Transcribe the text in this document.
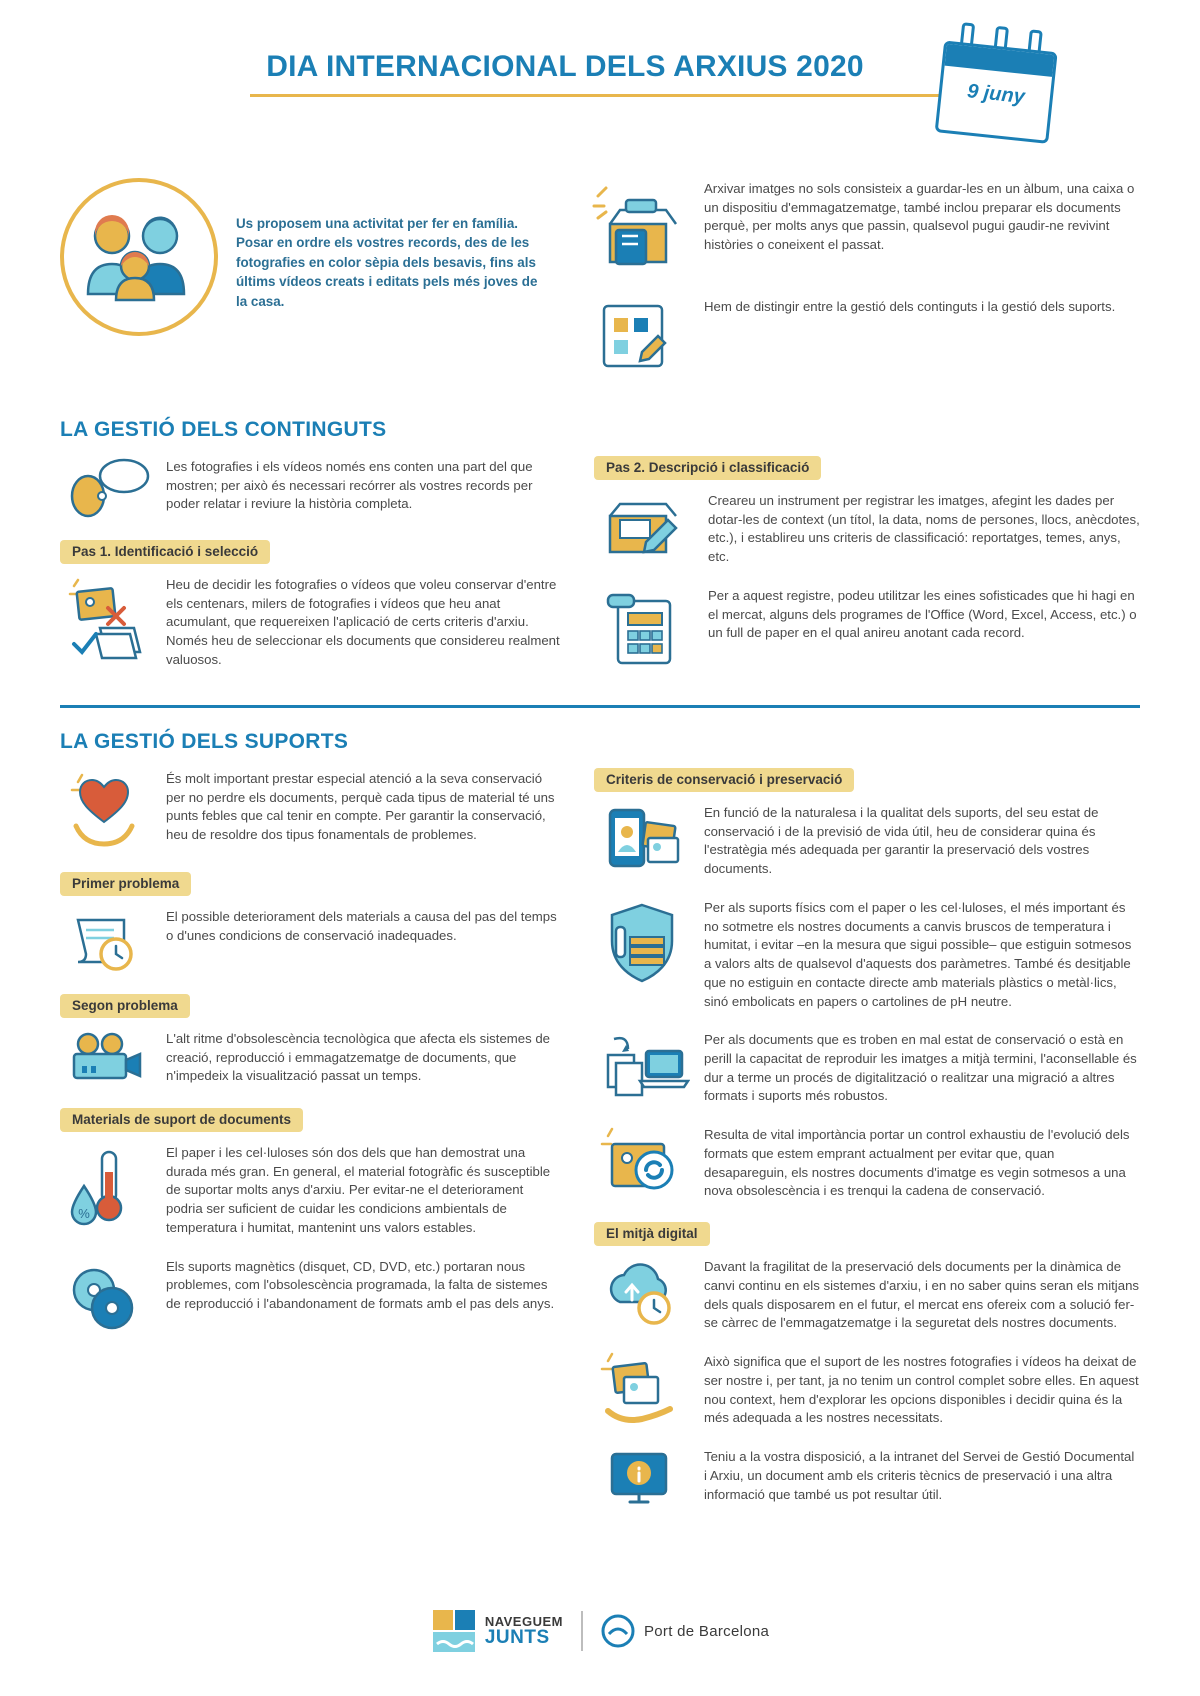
DIA INTERNACIONAL DELS ARXIUS 2020
9 juny
Us proposem una activitat per fer en família. Posar en ordre els vostres records, des de les fotografies en color sèpia dels besavis, fins als últims vídeos creats i editats pels més joves de la casa.

Arxivar imatges no sols consisteix a guardar-les en un àlbum, una caixa o un dispositiu d'emmagatzematge, també inclou preparar els documents perquè, per molts anys que passin, qualsevol pugui gaudir-ne revivint històries o coneixent el passat.

Hem de distingir entre la gestió dels continguts i la gestió dels suports.

LA GESTIÓ DELS CONTINGUTS

Les fotografies i els vídeos només ens conten una part del que mostren; per això és necessari recórrer als vostres records per poder relatar i reviure la història completa.

Pas 1. Identificació i selecció

Heu de decidir les fotografies o vídeos que voleu conservar d'entre els centenars, milers de fotografies i vídeos que heu anat acumulant, que requereixen l'aplicació de certs criteris d'arxiu. Només heu de seleccionar els documents que considereu realment valuosos.

Pas 2. Descripció i classificació

Creareu un instrument per registrar les imatges, afegint les dades per dotar-les de context (un títol, la data, noms de persones, llocs, anècdotes, etc.), i establireu uns criteris de classificació: reportatges, temes, anys, etc.

Per a aquest registre, podeu utilitzar les eines sofisticades que hi hagi en el mercat, alguns dels programes de l'Office (Word, Excel, Access, etc.) o un full de paper en el qual anireu anotant cada record.

LA GESTIÓ DELS SUPORTS

És molt important prestar especial atenció a la seva conservació per no perdre els documents, perquè cada tipus de material té uns punts febles que cal tenir en compte. Per garantir la conservació, heu de resoldre dos tipus fonamentals de problemes.

Primer problema

El possible deteriorament dels materials a causa del pas del temps o d'unes condicions de conservació inadequades.

Segon problema

L'alt ritme d'obsolescència tecnològica que afecta els sistemes de creació, reproducció i emmagatzematge de documents, que n'impedeix la visualització passat un temps.

Materials de suport de documents
%

El paper i les cel·luloses són dos dels que han demostrat una durada més gran. En general, el material fotogràfic és susceptible de suportar molts anys d'arxiu. Per evitar-ne el deteriorament podria ser suficient de cuidar les condicions ambientals de temperatura i humitat, mantenint uns valors estables.

Els suports magnètics (disquet, CD, DVD, etc.) portaran nous problemes, com l'obsolescència programada, la falta de sistemes de reproducció i l'abandonament de formats amb el pas dels anys.

Criteris de conservació i preservació

En funció de la naturalesa i la qualitat dels suports, del seu estat de conservació i de la previsió de vida útil, heu de considerar quina és l'estratègia més adequada per garantir la preservació dels vostres documents.

Per als suports físics com el paper o les cel·luloses, el més important és no sotmetre els nostres documents a canvis bruscos de temperatura i humitat, i evitar –en la mesura que sigui possible– que estiguin sotmesos a valors alts de qualsevol d'aquests dos paràmetres. També és desitjable que no estiguin en contacte directe amb materials plàstics o metàl·lics, sinó embolicats en papers o cartolines de pH neutre.

Per als documents que es troben en mal estat de conservació o està en perill la capacitat de reproduir les imatges a mitjà termini, l'aconsellable és dur a terme un procés de digitalització o realitzar una migració a altres formats i suports més robustos.

Resulta de vital importància portar un control exhaustiu de l'evolució dels formats que estem emprant actualment per evitar que, quan desapareguin, els nostres documents d'imatge es vegin sotmesos a una nova obsolescència i es trenqui la cadena de conservació.

El mitjà digital

Davant la fragilitat de la preservació dels documents per la dinàmica de canvi continu en els sistemes d'arxiu, i en no saber quins seran els mitjans dels quals disposarem en el futur, el mercat ens ofereix com a solució fer-se càrrec de l'emmagatzematge i la seguretat dels nostres documents.

Això significa que el suport de les nostres fotografies i vídeos ha deixat de ser nostre i, per tant, ja no tenim un control complet sobre elles. En aquest nou context, hem d'explorar les opcions disponibles i decidir quina és la més adequada a les nostres necessitats.

Teniu a la vostra disposició, a la intranet del Servei de Gestió Documental i Arxiu, un document amb els criteris tècnics de preservació i una altra informació que també us pot resultar útil.

NAVEGUEM
JUNTS	Port de Barcelona
